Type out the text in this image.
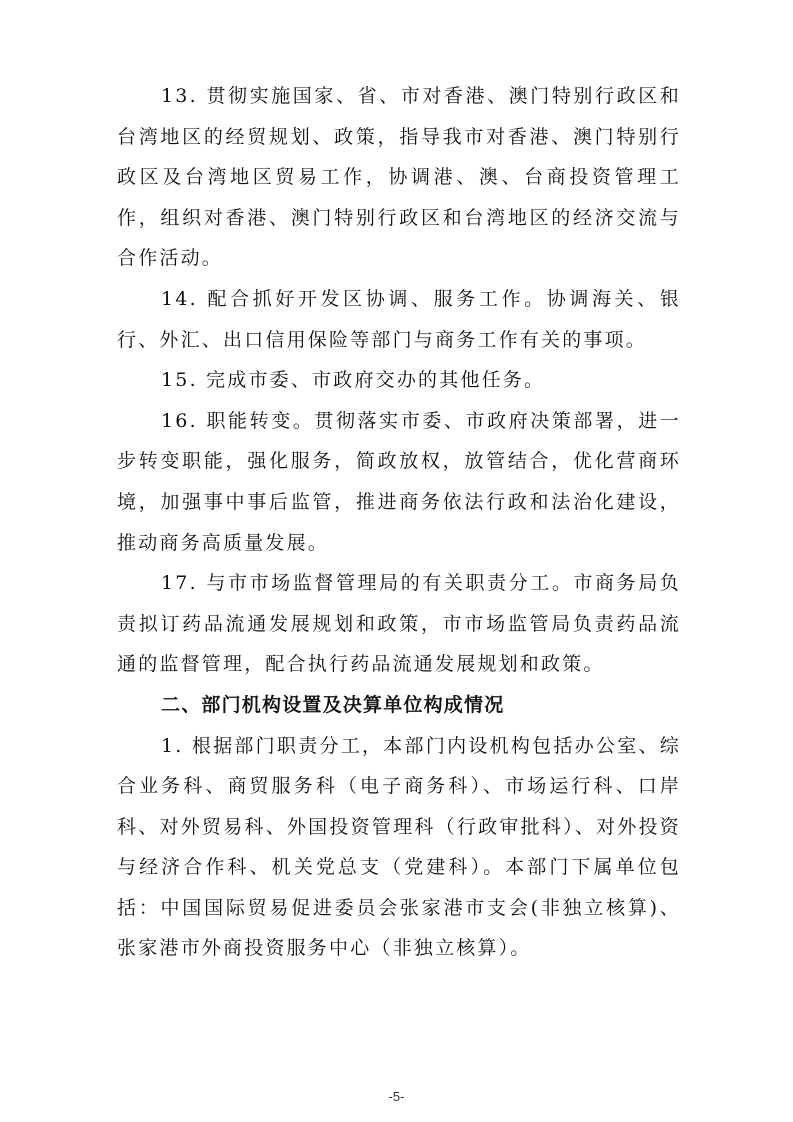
13. 贯彻实施国家、省、市对香港、澳门特别行政区和台湾地区的经贸规划、政策，指导我市对香港、澳门特别行政区及台湾地区贸易工作，协调港、澳、台商投资管理工作，组织对香港、澳门特别行政区和台湾地区的经济交流与合作活动。

14. 配合抓好开发区协调、服务工作。协调海关、银行、外汇、出口信用保险等部门与商务工作有关的事项。

15. 完成市委、市政府交办的其他任务。

16. 职能转变。贯彻落实市委、市政府决策部署，进一步转变职能，强化服务，简政放权，放管结合，优化营商环境，加强事中事后监管，推进商务依法行政和法治化建设，推动商务高质量发展。

17. 与市市场监督管理局的有关职责分工。市商务局负责拟订药品流通发展规划和政策，市市场监管局负责药品流通的监督管理，配合执行药品流通发展规划和政策。

二、部门机构设置及决算单位构成情况

1. 根据部门职责分工，本部门内设机构包括办公室、综合业务科、商贸服务科（电子商务科）、市场运行科、口岸科、对外贸易科、外国投资管理科（行政审批科）、对外投资与经济合作科、机关党总支（党建科）。本部门下属单位包括：中国国际贸易促进委员会张家港市支会(非独立核算)、张家港市外商投资服务中心（非独立核算）。

-5-
